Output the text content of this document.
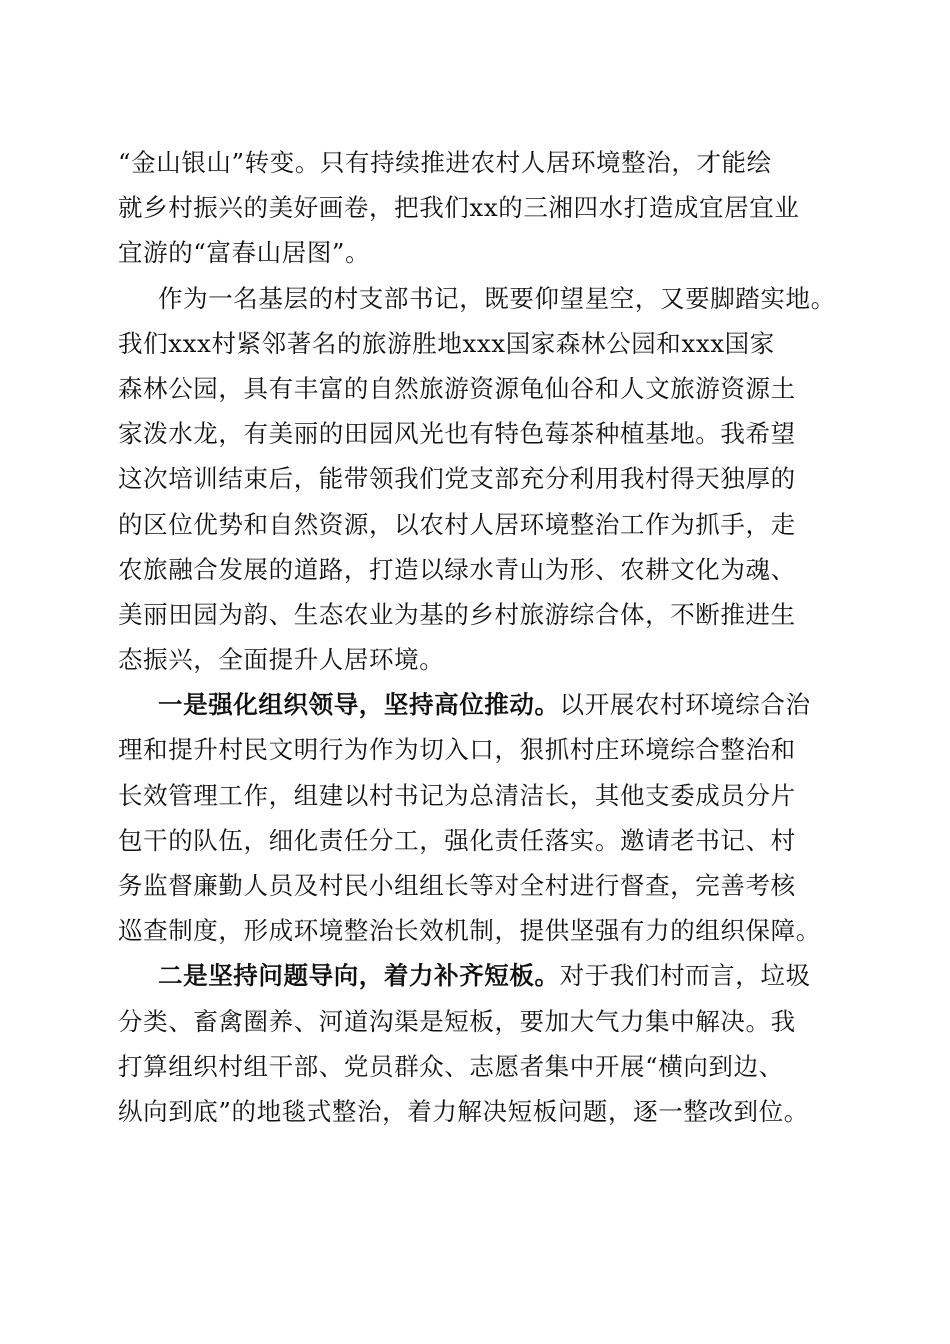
“金山银山”转变。只有持续推进农村人居环境整治，才能绘
就乡村振兴的美好画卷，把我们xx的三湘四水打造成宜居宜业
宜游的“富春山居图”。
作为一名基层的村支部书记，既要仰望星空，又要脚踏实地。
我们xxx村紧邻著名的旅游胜地xxx国家森林公园和xxx国家
森林公园，具有丰富的自然旅游资源龟仙谷和人文旅游资源土
家泼水龙，有美丽的田园风光也有特色莓茶种植基地。我希望
这次培训结束后，能带领我们党支部充分利用我村得天独厚的
的区位优势和自然资源，以农村人居环境整治工作为抓手，走
农旅融合发展的道路，打造以绿水青山为形、农耕文化为魂、
美丽田园为韵、生态农业为基的乡村旅游综合体，不断推进生
态振兴，全面提升人居环境。
一是强化组织领导，坚持高位推动。以开展农村环境综合治
理和提升村民文明行为作为切入口，狠抓村庄环境综合整治和
长效管理工作，组建以村书记为总清洁长，其他支委成员分片
包干的队伍，细化责任分工，强化责任落实。邀请老书记、村
务监督廉勤人员及村民小组组长等对全村进行督查，完善考核
巡查制度，形成环境整治长效机制，提供坚强有力的组织保障。
二是坚持问题导向，着力补齐短板。对于我们村而言，垃圾
分类、畜禽圈养、河道沟渠是短板，要加大气力集中解决。我
打算组织村组干部、党员群众、志愿者集中开展“横向到边、
纵向到底”的地毯式整治，着力解决短板问题，逐一整改到位。
